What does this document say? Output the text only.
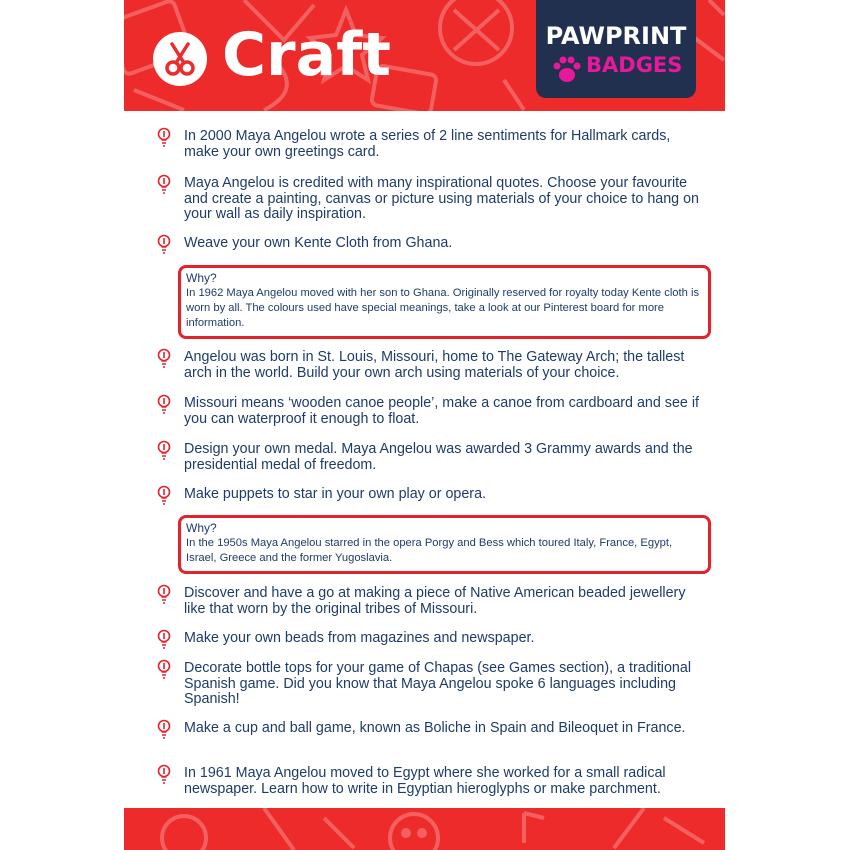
Craft	PAWPRINT
BADGES
In 2000 Maya Angelou wrote a series of 2 line sentiments for Hallmark cards, make your own greetings card.
Maya Angelou is credited with many inspirational quotes. Choose your favourite and create a painting, canvas or picture using materials of your choice to hang on your wall as daily inspiration.
Weave your own Kente Cloth from Ghana.
Why?
In 1962 Maya Angelou moved with her son to Ghana. Originally reserved for royalty today Kente cloth is worn by all. The colours used have special meanings, take a look at our Pinterest board for more information.
Angelou was born in St. Louis, Missouri, home to The Gateway Arch; the tallest arch in the world. Build your own arch using materials of your choice.
Missouri means ‘wooden canoe people’, make a canoe from cardboard and see if you can waterproof it enough to float.
Design your own medal. Maya Angelou was awarded 3 Grammy awards and the presidential medal of freedom.
Make puppets to star in your own play or opera.
Why?
In the 1950s Maya Angelou starred in the opera Porgy and Bess which toured Italy, France, Egypt, Israel, Greece and the former Yugoslavia.
Discover and have a go at making a piece of Native American beaded jewellery like that worn by the original tribes of Missouri.
Make your own beads from magazines and newspaper.
Decorate bottle tops for your game of Chapas (see Games section), a traditional Spanish game. Did you know that Maya Angelou spoke 6 languages including Spanish!
Make a cup and ball game, known as Boliche in Spain and Bileoquet in France.
In 1961 Maya Angelou moved to Egypt where she worked for a small radical newspaper. Learn how to write in Egyptian hieroglyphs or make parchment.
